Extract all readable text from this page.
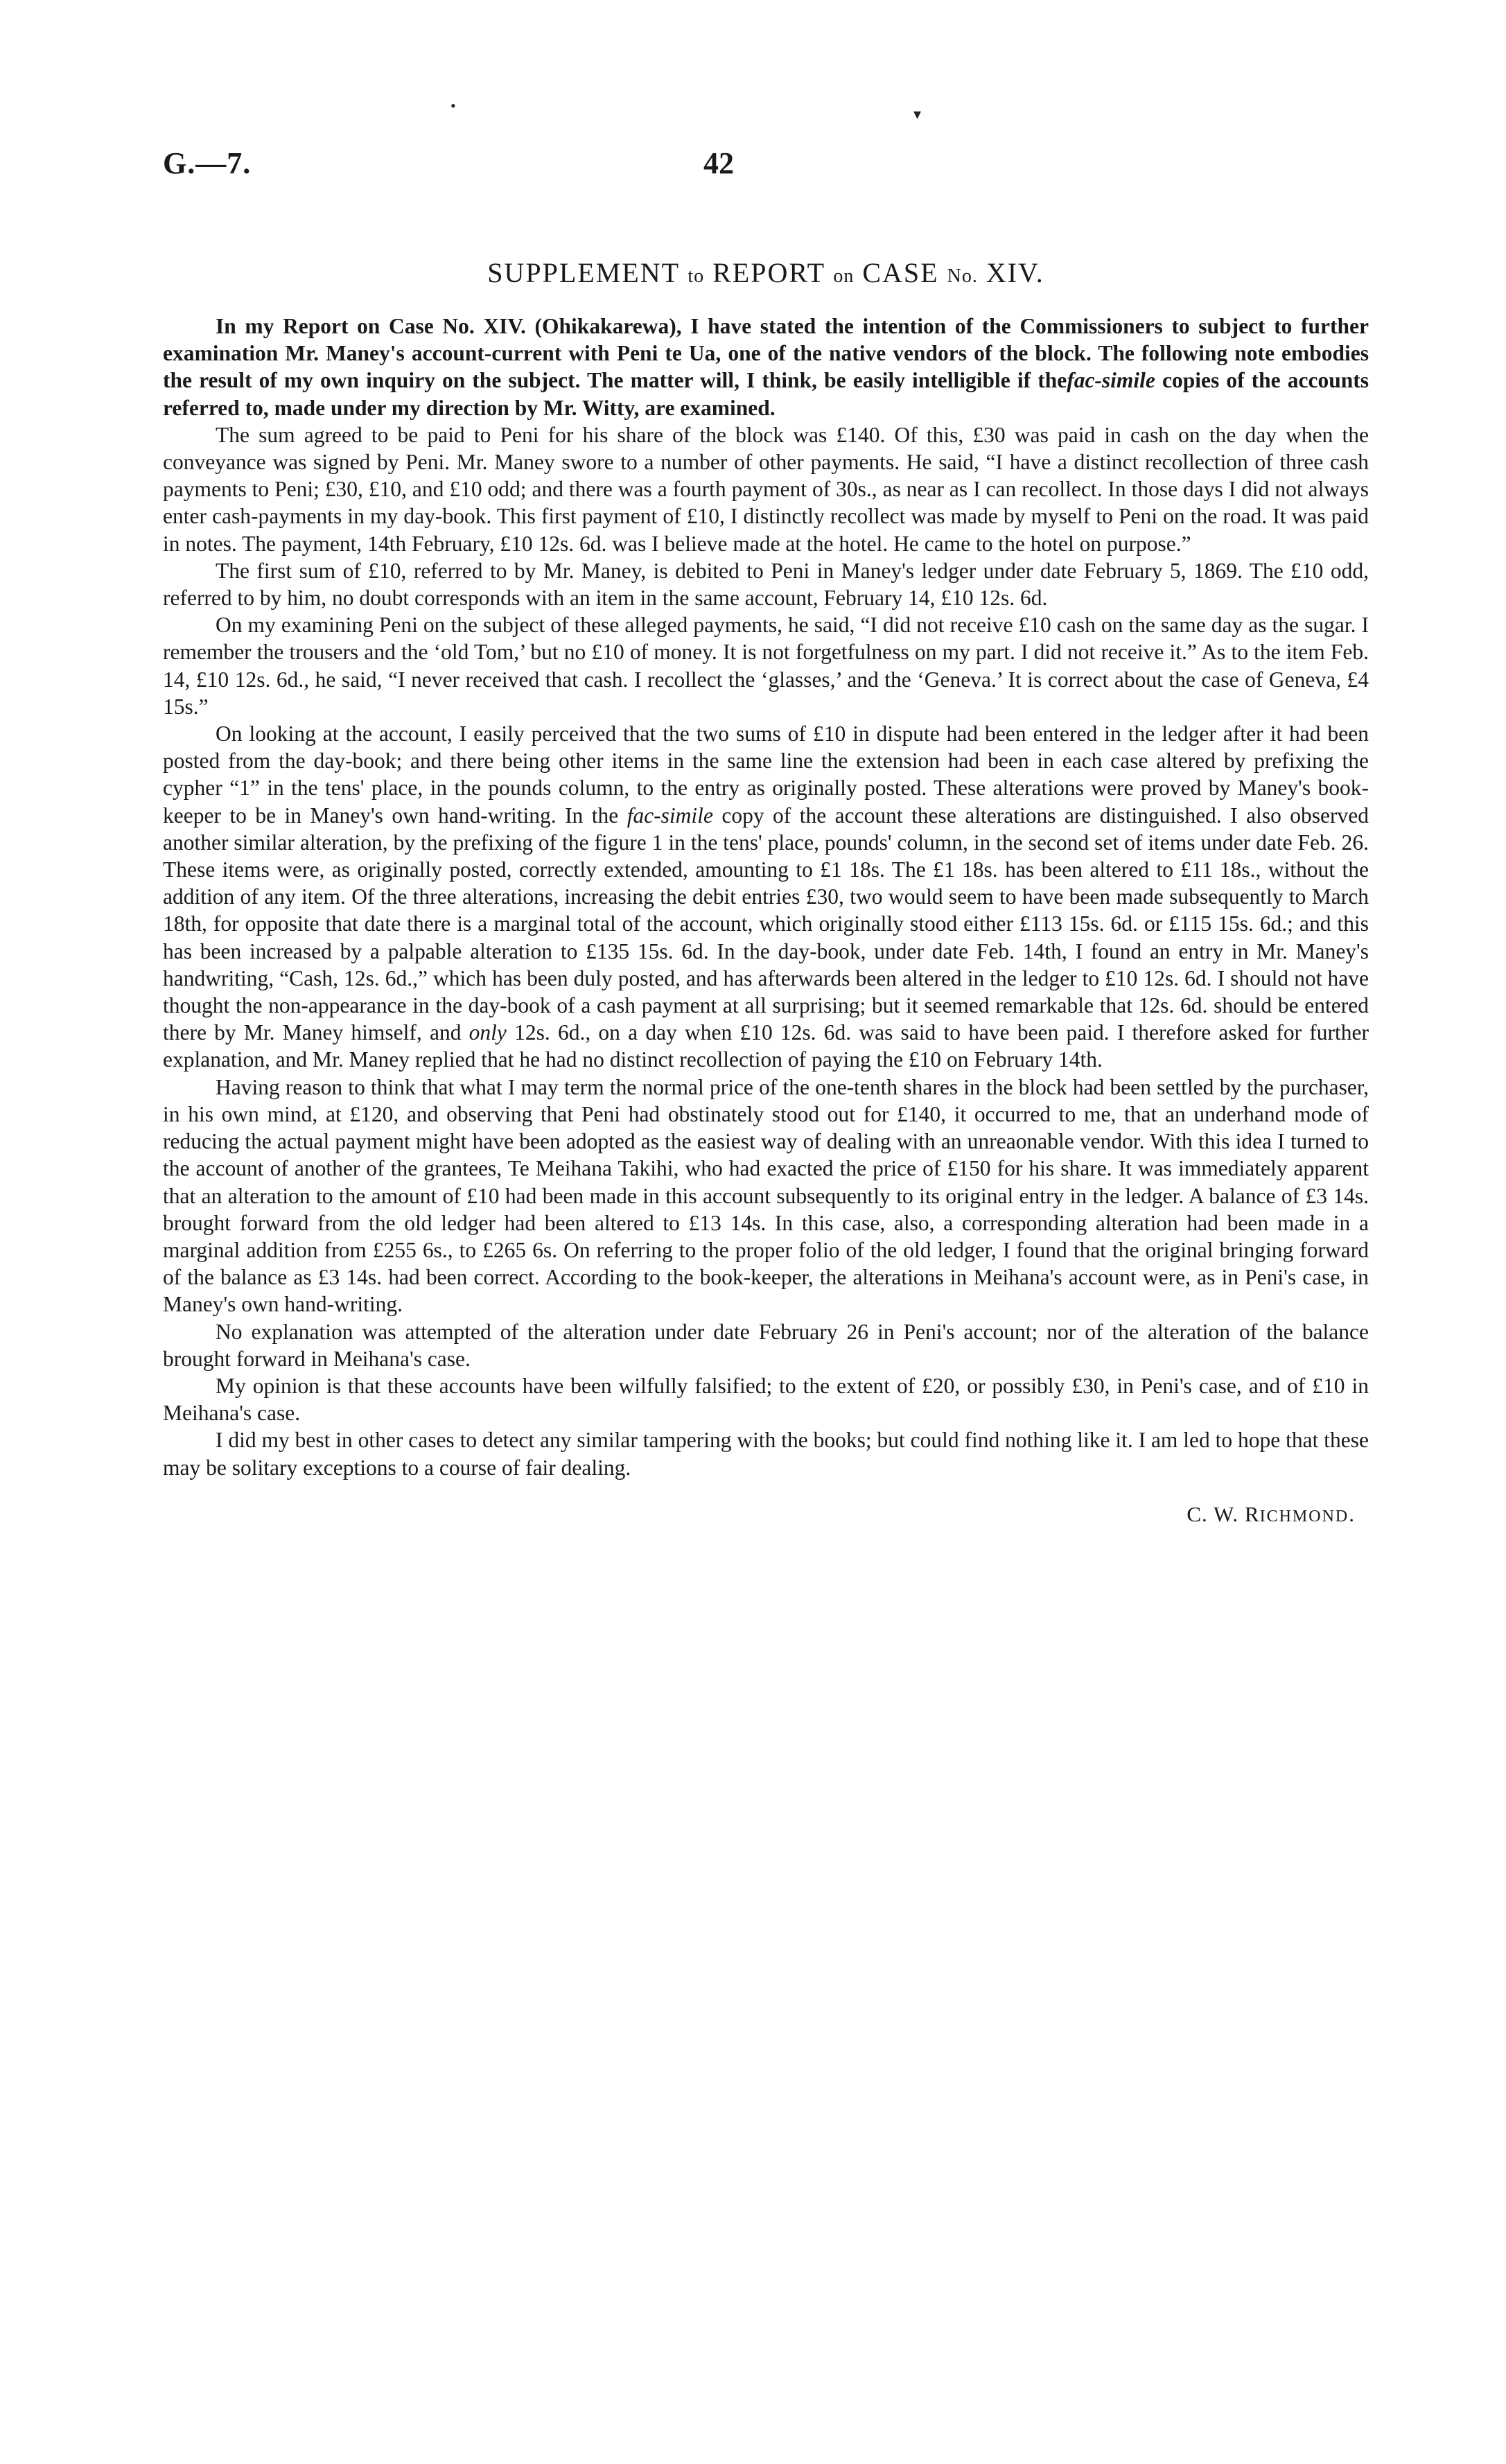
•	▾
G.—7.	42
SUPPLEMENT to REPORT on CASE No. XIV.

In my Report on Case No. XIV. (Ohikakarewa), I have stated the intention of the Commissioners to subject to further examination Mr. Maney's account-current with Peni te Ua, one of the native vendors of the block. The following note embodies the result of my own inquiry on the subject. The matter will, I think, be easily intelligible if thefac-simile copies of the accounts referred to, made under my direction by Mr. Witty, are examined.

The sum agreed to be paid to Peni for his share of the block was £140. Of this, £30 was paid in cash on the day when the conveyance was signed by Peni. Mr. Maney swore to a number of other payments. He said, “I have a distinct recollection of three cash payments to Peni; £30, £10, and £10 odd; and there was a fourth payment of 30s., as near as I can recollect. In those days I did not always enter cash-payments in my day-book. This first payment of £10, I distinctly recollect was made by myself to Peni on the road. It was paid in notes. The payment, 14th February, £10 12s. 6d. was I believe made at the hotel. He came to the hotel on purpose.”

The first sum of £10, referred to by Mr. Maney, is debited to Peni in Maney's ledger under date February 5, 1869. The £10 odd, referred to by him, no doubt corresponds with an item in the same account, February 14, £10 12s. 6d.

On my examining Peni on the subject of these alleged payments, he said, “I did not receive £10 cash on the same day as the sugar. I remember the trousers and the ‘old Tom,’ but no £10 of money. It is not forgetfulness on my part. I did not receive it.” As to the item Feb. 14, £10 12s. 6d., he said, “I never received that cash. I recollect the ‘glasses,’ and the ‘Geneva.’ It is correct about the case of Geneva, £4 15s.”

On looking at the account, I easily perceived that the two sums of £10 in dispute had been entered in the ledger after it had been posted from the day-book; and there being other items in the same line the extension had been in each case altered by prefixing the cypher “1” in the tens' place, in the pounds column, to the entry as originally posted. These alterations were proved by Maney's book-keeper to be in Maney's own hand-writing. In the fac-simile copy of the account these alterations are distinguished. I also observed another similar alteration, by the prefixing of the figure 1 in the tens' place, pounds' column, in the second set of items under date Feb. 26. These items were, as originally posted, correctly extended, amounting to £1 18s. The £1 18s. has been altered to £11 18s., without the addition of any item. Of the three alterations, increasing the debit entries £30, two would seem to have been made subsequently to March 18th, for opposite that date there is a marginal total of the account, which originally stood either £113 15s. 6d. or £115 15s. 6d.; and this has been increased by a palpable alteration to £135 15s. 6d. In the day-book, under date Feb. 14th, I found an entry in Mr. Maney's handwriting, “Cash, 12s. 6d.,” which has been duly posted, and has afterwards been altered in the ledger to £10 12s. 6d. I should not have thought the non-appearance in the day-book of a cash payment at all surprising; but it seemed remarkable that 12s. 6d. should be entered there by Mr. Maney himself, and only 12s. 6d., on a day when £10 12s. 6d. was said to have been paid. I therefore asked for further explanation, and Mr. Maney replied that he had no distinct recollection of paying the £10 on February 14th.

Having reason to think that what I may term the normal price of the one-tenth shares in the block had been settled by the purchaser, in his own mind, at £120, and observing that Peni had obstinately stood out for £140, it occurred to me, that an underhand mode of reducing the actual payment might have been adopted as the easiest way of dealing with an unreaonable vendor. With this idea I turned to the account of another of the grantees, Te Meihana Takihi, who had exacted the price of £150 for his share. It was immediately apparent that an alteration to the amount of £10 had been made in this account subsequently to its original entry in the ledger. A balance of £3 14s. brought forward from the old ledger had been altered to £13 14s. In this case, also, a corresponding alteration had been made in a marginal addition from £255 6s., to £265 6s. On referring to the proper folio of the old ledger, I found that the original bringing forward of the balance as £3 14s. had been correct. According to the book-keeper, the alterations in Meihana's account were, as in Peni's case, in Maney's own hand-writing.

No explanation was attempted of the alteration under date February 26 in Peni's account; nor of the alteration of the balance brought forward in Meihana's case.

My opinion is that these accounts have been wilfully falsified; to the extent of £20, or possibly £30, in Peni's case, and of £10 in Meihana's case.

I did my best in other cases to detect any similar tampering with the books; but could find nothing like it. I am led to hope that these may be solitary exceptions to a course of fair dealing.

C. W. RICHMOND.
